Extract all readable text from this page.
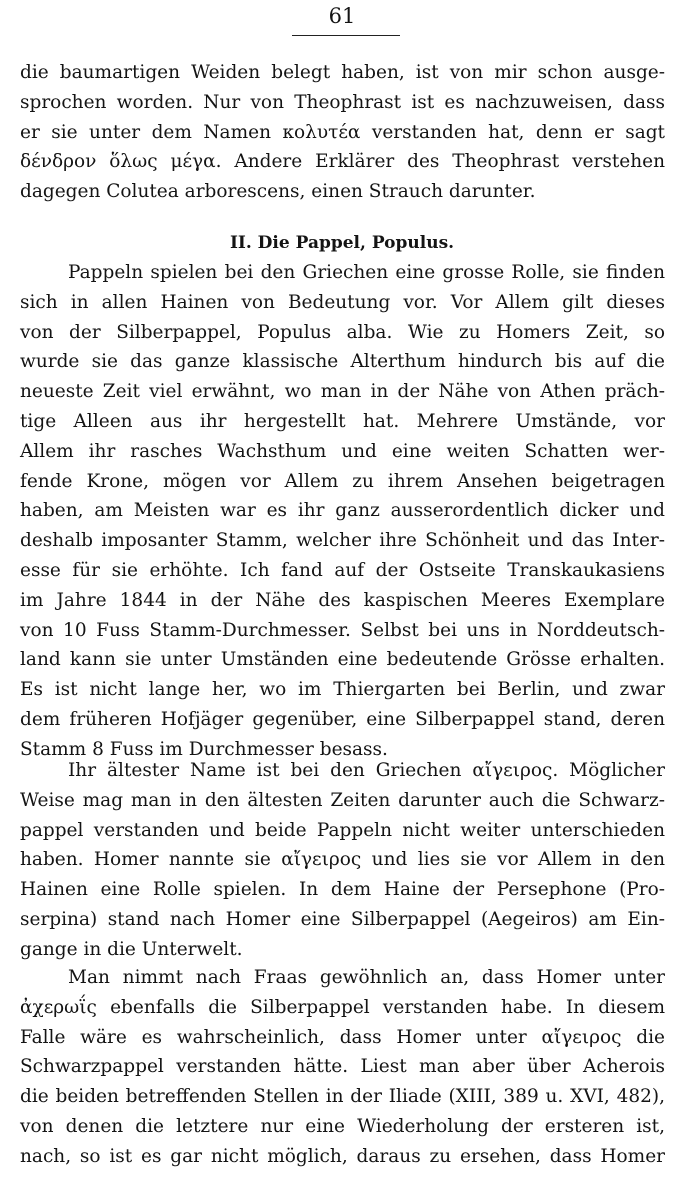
61
die baumartigen Weiden belegt haben, ist von mir schon ausge-
sprochen worden. Nur von Theophrast ist es nachzuweisen, dass
er sie unter dem Namen κολυτέα verstanden hat, denn er sagt
δένδρον ὅλως μέγα. Andere Erklärer des Theophrast verstehen
dagegen Colutea arborescens, einen Strauch darunter.
II. Die Pappel, Populus.
Pappeln spielen bei den Griechen eine grosse Rolle, sie finden
sich in allen Hainen von Bedeutung vor. Vor Allem gilt dieses
von der Silberpappel, Populus alba. Wie zu Homers Zeit, so
wurde sie das ganze klassische Alterthum hindurch bis auf die
neueste Zeit viel erwähnt, wo man in der Nähe von Athen präch-
tige Alleen aus ihr hergestellt hat. Mehrere Umstände, vor
Allem ihr rasches Wachsthum und eine weiten Schatten wer-
fende Krone, mögen vor Allem zu ihrem Ansehen beigetragen
haben, am Meisten war es ihr ganz ausserordentlich dicker und
deshalb imposanter Stamm, welcher ihre Schönheit und das Inter-
esse für sie erhöhte. Ich fand auf der Ostseite Transkaukasiens
im Jahre 1844 in der Nähe des kaspischen Meeres Exemplare
von 10 Fuss Stamm-Durchmesser. Selbst bei uns in Norddeutsch-
land kann sie unter Umständen eine bedeutende Grösse erhalten.
Es ist nicht lange her, wo im Thiergarten bei Berlin, und zwar
dem früheren Hofjäger gegenüber, eine Silberpappel stand, deren
Stamm 8 Fuss im Durchmesser besass.
Ihr ältester Name ist bei den Griechen αἴγειρος. Möglicher
Weise mag man in den ältesten Zeiten darunter auch die Schwarz-
pappel verstanden und beide Pappeln nicht weiter unterschieden
haben. Homer nannte sie αἴγειρος und lies sie vor Allem in den
Hainen eine Rolle spielen. In dem Haine der Persephone (Pro-
serpina) stand nach Homer eine Silberpappel (Aegeiros) am Ein-
gange in die Unterwelt.
Man nimmt nach Fraas gewöhnlich an, dass Homer unter
ἀχερωΐς ebenfalls die Silberpappel verstanden habe. In diesem
Falle wäre es wahrscheinlich, dass Homer unter αἴγειρος die
Schwarzpappel verstanden hätte. Liest man aber über Acherois
die beiden betreffenden Stellen in der Iliade (XIII, 389 u. XVI, 482),
von denen die letztere nur eine Wiederholung der ersteren ist,
nach, so ist es gar nicht möglich, daraus zu ersehen, dass Homer
